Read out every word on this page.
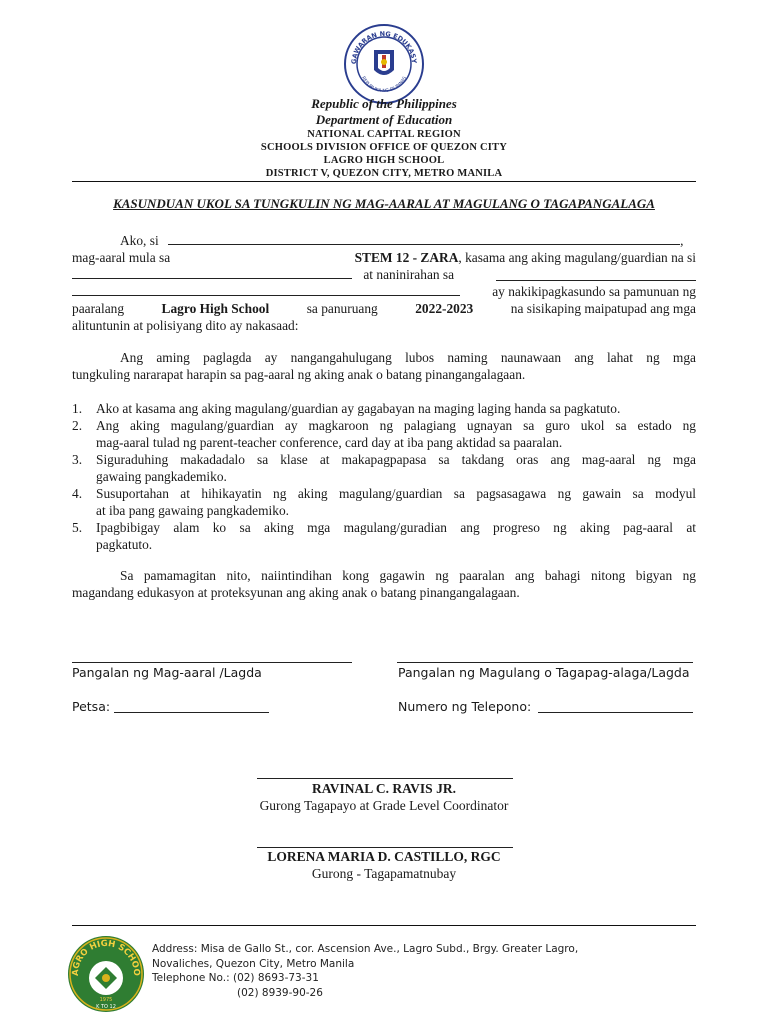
GAWARAN NG EDUKASY
REPUBLIKA NG PILIPINAS
Republic of the Philippines
Department of Education
NATIONAL CAPITAL REGION
SCHOOLS DIVISION OFFICE OF QUEZON CITY
LAGRO HIGH SCHOOL
DISTRICT V, QUEZON CITY, METRO MANILA
KASUNDUAN UKOL SA TUNGKULIN NG MAG-AARAL AT MAGULANG O TAGAPANGALAGA
Ako, si	,
mag-aaral mula sa	STEM 12 - ZARA, kasama ang aking magulang/guardian na si
at naninirahan sa
ay nakikipagkasundo sa pamunuan ng
paaralang	Lagro High School	sa panuruang	2022-2023	na sisikaping maipatupad ang mga
alituntunin at polisiyang dito ay nakasaad:
Ang aming paglagda ay nangangahulugang lubos naming naunawaan ang lahat ng mga
tungkuling nararapat harapin sa pag-aaral ng aking anak o batang pinangangalagaan.
1. Ako at kasama ang aking magulang/guardian ay gagabayan na maging laging handa sa pagkatuto.
2. Ang aking magulang/guardian ay magkaroon ng palagiang ugnayan sa guro ukol sa estado ng
mag-aaral tulad ng parent-teacher conference, card day at iba pang aktidad sa paaralan.
3. Siguraduhing makadadalo sa klase at makapagpapasa sa takdang oras ang mag-aaral ng mga
gawaing pangkademiko.
4. Susuportahan at hihikayatin ng aking magulang/guardian sa pagsasagawa ng gawain sa modyul
at iba pang gawaing pangkademiko.
5. Ipagbibigay alam ko sa aking mga magulang/guradian ang progreso ng aking pag-aaral at
pagkatuto.
Sa pamamagitan nito, naiintindihan kong gagawin ng paaralan ang bahagi nitong bigyan ng
magandang edukasyon at proteksyunan ang aking anak o batang pinangangalagaan.
Pangalan ng Mag-aaral /Lagda	Pangalan ng Magulang o Tagapag-alaga/Lagda
Petsa:	Numero ng Telepono:
RAVINAL C. RAVIS JR.
Gurong Tagapayo at Grade Level Coordinator
LORENA MARIA D. CASTILLO, RGC
Gurong - Tagapamatnubay
AGRO HIGH SCHOO
1975
K TO 12
Address: Misa de Gallo St., cor. Ascension Ave., Lagro Subd., Brgy. Greater Lagro,
Novaliches, Quezon City, Metro Manila
Telephone No.: (02) 8693-73-31
(02) 8939-90-26
